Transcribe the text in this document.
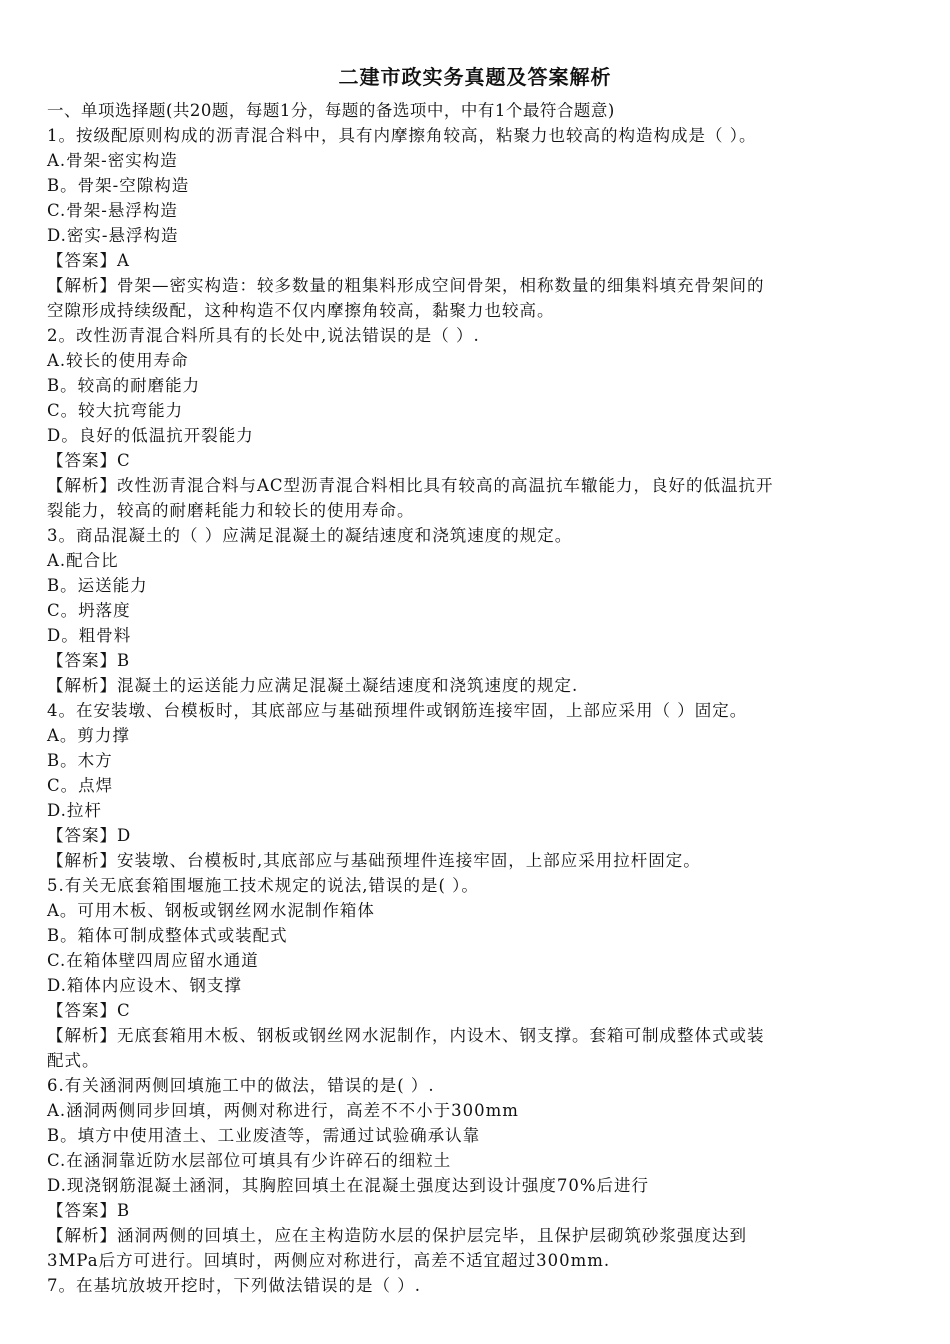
二建市政实务真题及答案解析
一、单项选择题(共20题，每题1分，每题的备选项中，中有1个最符合题意)
1。按级配原则构成的沥青混合料中，具有内摩擦角较高，粘聚力也较高的构造构成是（ ）。
A.骨架-密实构造
B。骨架-空隙构造
C.骨架-悬浮构造
D.密实-悬浮构造
【答案】A
【解析】骨架—密实构造：较多数量的粗集料形成空间骨架，相称数量的细集料填充骨架间的
空隙形成持续级配，这种构造不仅内摩擦角较高，黏聚力也较高。
2。改性沥青混合料所具有的长处中,说法错误的是（ ）.
A.较长的使用寿命
B。较高的耐磨能力
C。较大抗弯能力
D。良好的低温抗开裂能力
【答案】C
【解析】改性沥青混合料与AC型沥青混合料相比具有较高的高温抗车辙能力，良好的低温抗开
裂能力，较高的耐磨耗能力和较长的使用寿命。
3。商品混凝土的（ ）应满足混凝土的凝结速度和浇筑速度的规定。
A.配合比
B。运送能力
C。坍落度
D。粗骨料
【答案】B
【解析】混凝土的运送能力应满足混凝土凝结速度和浇筑速度的规定.
4。在安装墩、台模板时，其底部应与基础预埋件或钢筋连接牢固，上部应采用（ ）固定。
A。剪力撑
B。木方
C。点焊
D.拉杆
【答案】D
【解析】安装墩、台模板时,其底部应与基础预埋件连接牢固，上部应采用拉杆固定。
5.有关无底套箱围堰施工技术规定的说法,错误的是( ）。
A。可用木板、钢板或钢丝网水泥制作箱体
B。箱体可制成整体式或装配式
C.在箱体壁四周应留水通道
D.箱体内应设木、钢支撑
【答案】C
【解析】无底套箱用木板、钢板或钢丝网水泥制作，内设木、钢支撑。套箱可制成整体式或装
配式。
6.有关涵洞两侧回填施工中的做法，错误的是( ）.
A.涵洞两侧同步回填，两侧对称进行，高差不不小于300mm
B。填方中使用渣土、工业废渣等，需通过试验确承认靠
C.在涵洞靠近防水层部位可填具有少许碎石的细粒土
D.现浇钢筋混凝土涵洞，其胸腔回填土在混凝土强度达到设计强度70%后进行
【答案】B
【解析】涵洞两侧的回填土，应在主构造防水层的保护层完毕，且保护层砌筑砂浆强度达到
3MPa后方可进行。回填时，两侧应对称进行，高差不适宜超过300mm.
7。在基坑放坡开挖时，下列做法错误的是（ ）.
